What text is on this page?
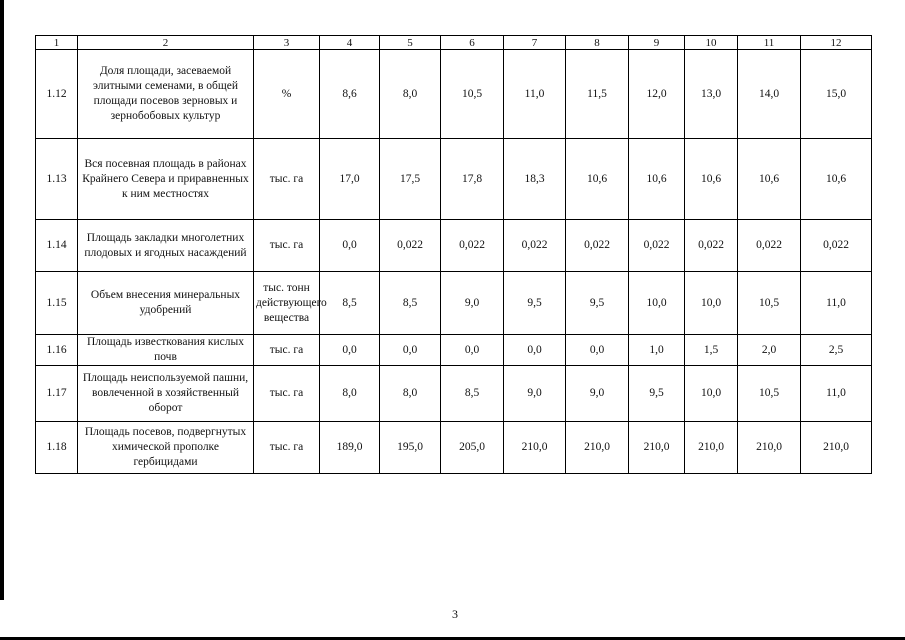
1	2	3	4	5	6	7	8	9	10	11	12
1.12	Доля площади, засеваемой элитными семенами, в общей площади посевов зерновых и зернобобовых культур	%	8,6	8,0	10,5	11,0	11,5	12,0	13,0	14,0	15,0
1.13	Вся посевная площадь в районах Крайнего Севера и приравненных к ним местностях	тыс. га	17,0	17,5	17,8	18,3	10,6	10,6	10,6	10,6	10,6
1.14	Площадь закладки многолетних плодовых и ягодных насаждений	тыс. га	0,0	0,022	0,022	0,022	0,022	0,022	0,022	0,022	0,022
1.15	Объем внесения минеральных удобрений	тыс. тонн действующего вещества	8,5	8,5	9,0	9,5	9,5	10,0	10,0	10,5	11,0
1.16	Площадь известкования кислых почв	тыс. га	0,0	0,0	0,0	0,0	0,0	1,0	1,5	2,0	2,5
1.17	Площадь неиспользуемой пашни, вовлеченной в хозяйственный оборот	тыс. га	8,0	8,0	8,5	9,0	9,0	9,5	10,0	10,5	11,0
1.18	Площадь посевов, подвергнутых химической прополке гербицидами	тыс. га	189,0	195,0	205,0	210,0	210,0	210,0	210,0	210,0	210,0
3
